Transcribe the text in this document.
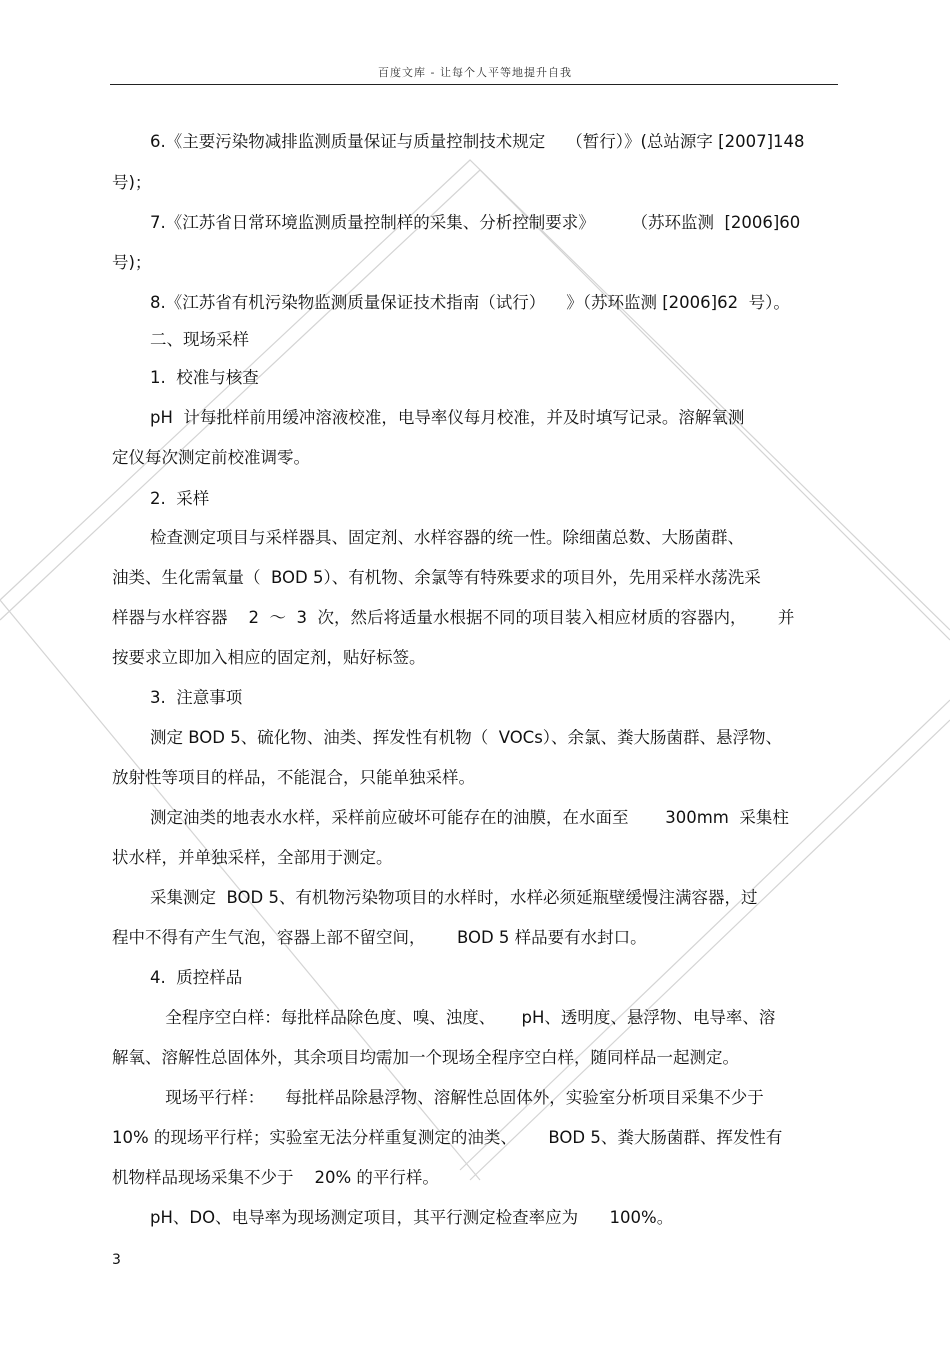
百度文库 - 让每个人平等地提升自我
6.《主要污染物减排监测质量保证与质量控制技术规定    （暂行）》(总站源字 [2007]148
号)；
7.《江苏省日常环境监测质量控制样的采集、分析控制要求》       （苏环监测  [2006]60
号)；
8.《江苏省有机污染物监测质量保证技术指南（试行）    》（苏环监测 [2006]62  号）。
二、现场采样
1.  校准与核查
pH  计每批样前用缓冲溶液校准，电导率仪每月校准，并及时填写记录。溶解氧测
定仪每次测定前校准调零。
2.  采样
检查测定项目与采样器具、固定剂、水样容器的统一性。除细菌总数、大肠菌群、
油类、生化需氧量（  BOD 5）、有机物、余氯等有特殊要求的项目外，先用采样水荡洗采
样器与水样容器    2  ～  3  次，然后将适量水根据不同的项目装入相应材质的容器内，      并
按要求立即加入相应的固定剂，贴好标签。
3.  注意事项
测定 BOD 5、硫化物、油类、挥发性有机物（  VOCs）、余氯、粪大肠菌群、悬浮物、
放射性等项目的样品，不能混合，只能单独采样。
测定油类的地表水水样，采样前应破坏可能存在的油膜，在水面至       300mm  采集柱
状水样，并单独采样，全部用于测定。
采集测定  BOD 5、有机物污染物项目的水样时，水样必须延瓶壁缓慢注满容器，过
程中不得有产生气泡，容器上部不留空间，      BOD 5 样品要有水封口。
4.  质控样品
全程序空白样：每批样品除色度、嗅、浊度、     pH、透明度、悬浮物、电导率、溶
解氧、溶解性总固体外，其余项目均需加一个现场全程序空白样，随同样品一起测定。
现场平行样：    每批样品除悬浮物、溶解性总固体外，实验室分析项目采集不少于
10% 的现场平行样；实验室无法分样重复测定的油类、      BOD 5、粪大肠菌群、挥发性有
机物样品现场采集不少于    20% 的平行样。
pH、DO、电导率为现场测定项目，其平行测定检查率应为      100%。
3
